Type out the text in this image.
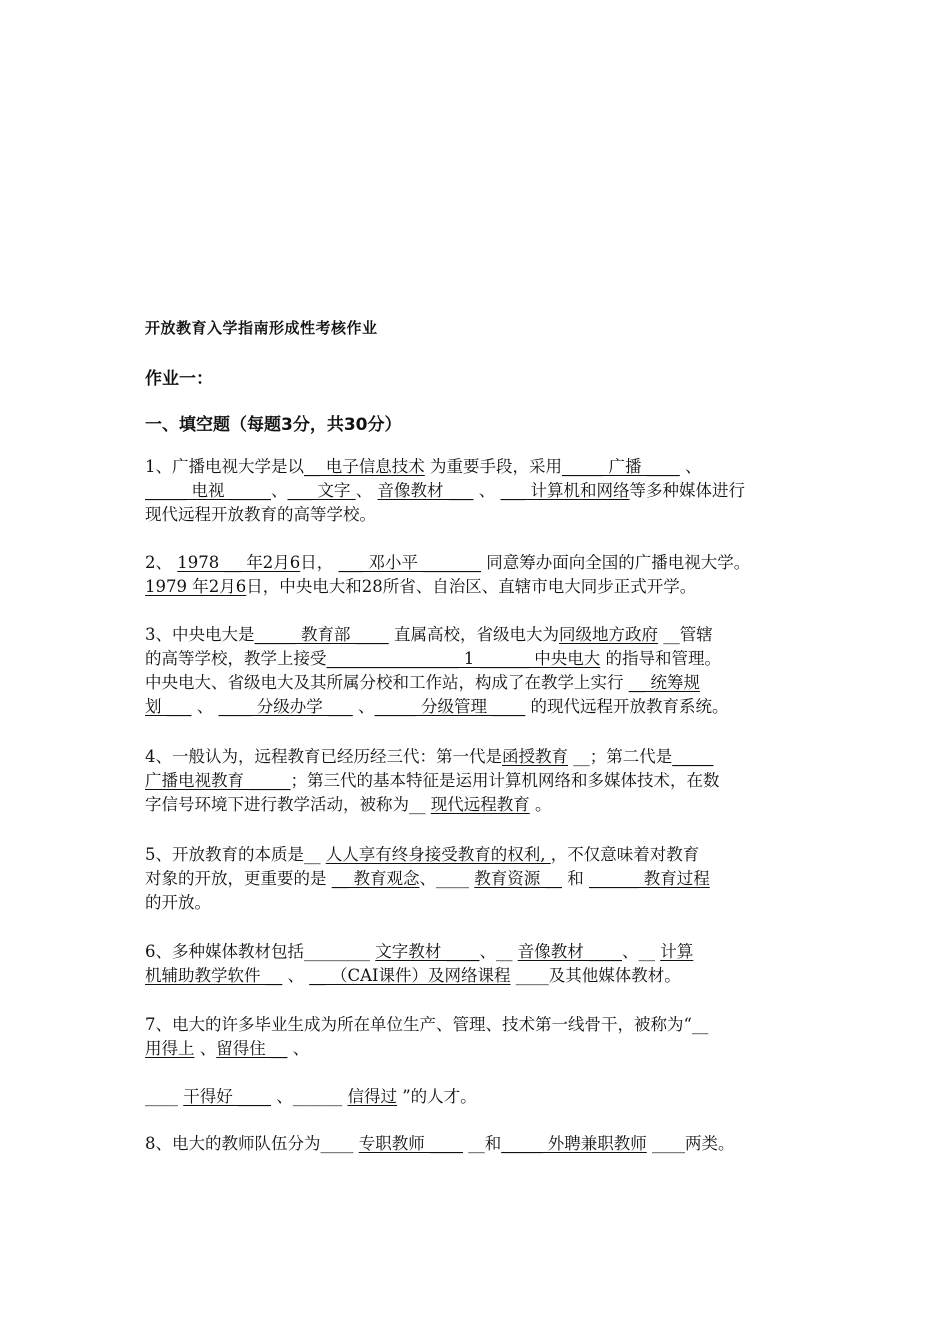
开放教育入学指南形成性考核作业
作业一：
一、填空题（每题3分，共30分）
1、广播电视大学是以__ 电子信息技术 为重要手段，采用_____ 广播 ____ 、
_____ 电视 _____、___ 文字 、 音像教材 ___ 、 ___ 计算机和网络等多种媒体进行
现代远程开放教育的高等学校。
2、 1978 __ 年2月6日， ___ 邓小平 _______ 同意筹办面向全国的广播电视大学。
1979 年2月6日，中央电大和28所省、自治区、直辖市电大同步正式开学。
3、中央电大是_____ 教育部 ____ 直属高校，省级电大为同级地方政府 __管辖
的高等学校，教学上接受________________ 1 ______ 中央电大 的指导和管理。
中央电大、省级电大及其所属分校和工作站，构成了在教学上实行 __ 统筹规
划 ___ 、 ____ 分级办学 ___ 、_____ 分级管理 ____ 的现代远程开放教育系统。
4、一般认为，远程教育已经历经三代：第一代是函授教育 __；第二代是_____
广播电视教育 _____；第三代的基本特征是运用计算机网络和多媒体技术，在数
字信号环境下进行教学活动，被称为__ 现代远程教育 。
5、开放教育的本质是__ 人人享有终身接受教育的权利, ，不仅意味着对教育
对象的开放，更重要的是 __ 教育观念、____ 教育资源 __ 和 ______ 教育过程
的开放。
6、多种媒体教材包括________ 文字教材 ____、__ 音像教材 ____、__ 计算
机辅助教学软件 __ 、 __ （CAI课件）及网络课程 ____及其他媒体教材。
7、电大的许多毕业生成为所在单位生产、管理、技术第一线骨干，被称为“__
用得上 、留得住 __ 、
____ 干得好 ____ 、______ 信得过 ”的人才。
8、电大的教师队伍分为____ 专职教师 ____ __和_____ 外聘兼职教师 ____两类。
